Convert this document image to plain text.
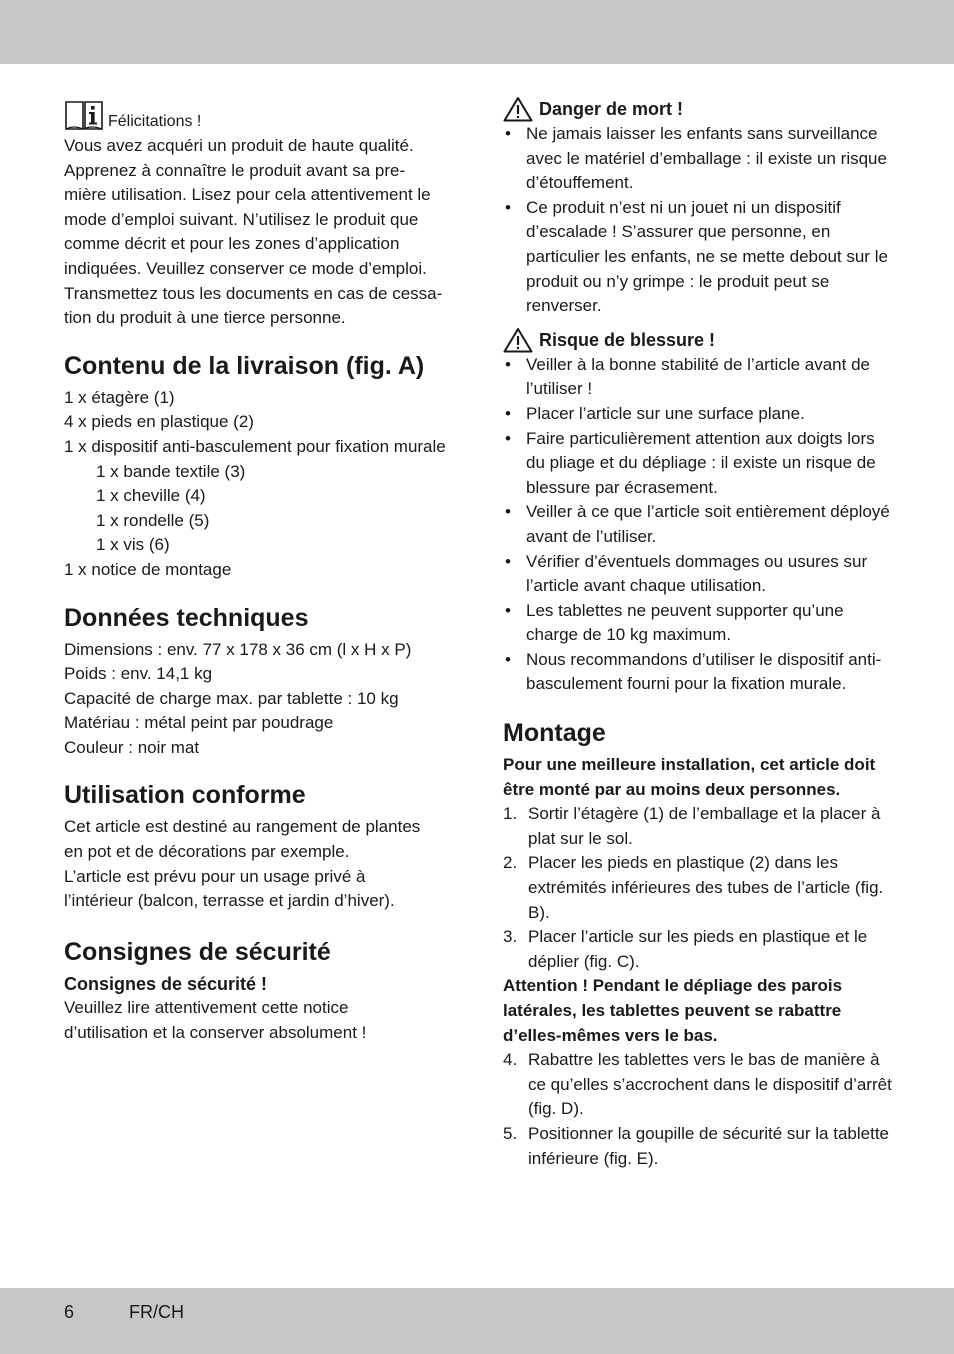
Félicitations !

Vous avez acquéri un produit de haute qualité.

Apprenez à connaître le produit avant sa pre-

mière utilisation. Lisez pour cela attentivement le

mode d’emploi suivant. N’utilisez le produit que

comme décrit et pour les zones d’application

indiquées. Veuillez conserver ce mode d’emploi.

Transmettez tous les documents en cas de cessa-

tion du produit à une tierce personne.

Contenu de la livraison (fig. A)

1 x étagère (1)

4 x pieds en plastique (2)

1 x dispositif anti-basculement pour fixation murale

1 x bande textile (3)

1 x cheville (4)

1 x rondelle (5)

1 x vis (6)

1 x notice de montage

Données techniques

Dimensions : env. 77 x 178 x 36 cm (l x H x P)

Poids : env. 14,1 kg

Capacité de charge max. par tablette : 10 kg

Matériau : métal peint par poudrage

Couleur : noir mat

Utilisation conforme

Cet article est destiné au rangement de plantes

en pot et de décorations par exemple.

L’article est prévu pour un usage privé à

l’intérieur (balcon, terrasse et jardin d’hiver).

Consignes de sécurité

Consignes de sécurité !

Veuillez lire attentivement cette notice

d’utilisation et la conserver absolument !

Danger de mort !
• Ne jamais laisser les enfants sans surveillance avec le matériel d’emballage : il existe un risque d’étouffement.
• Ce produit n’est ni un jouet ni un dispositif d’escalade ! S’assurer que personne, en particulier les enfants, ne se mette debout sur le produit ou n’y grimpe : le produit peut se renverser.
Risque de blessure !
• Veiller à la bonne stabilité de l’article avant de l’utiliser !
• Placer l’article sur une surface plane.
• Faire particulièrement attention aux doigts lors du pliage et du dépliage : il existe un risque de blessure par écrasement.
• Veiller à ce que l’article soit entièrement déployé avant de l’utiliser.
• Vérifier d’éventuels dommages ou usures sur l’article avant chaque utilisation.
• Les tablettes ne peuvent supporter qu’une charge de 10 kg maximum.
• Nous recommandons d’utiliser le dispositif anti-basculement fourni pour la fixation murale.
Montage

Pour une meilleure installation, cet article doit être monté par au moins deux personnes.

1. Sortir l’étagère (1) de l’emballage et la placer à plat sur le sol.
2. Placer les pieds en plastique (2) dans les extrémités inférieures des tubes de l’article (fig. B).
3. Placer l’article sur les pieds en plastique et le déplier (fig. C).

Attention ! Pendant le dépliage des parois latérales, les tablettes peuvent se rabattre d’elles-mêmes vers le bas.

4. Rabattre les tablettes vers le bas de manière à ce qu’elles s’accrochent dans le dispositif d’arrêt (fig. D).
5. Positionner la goupille de sécurité sur la tablette inférieure (fig. E).
6	FR/CH
